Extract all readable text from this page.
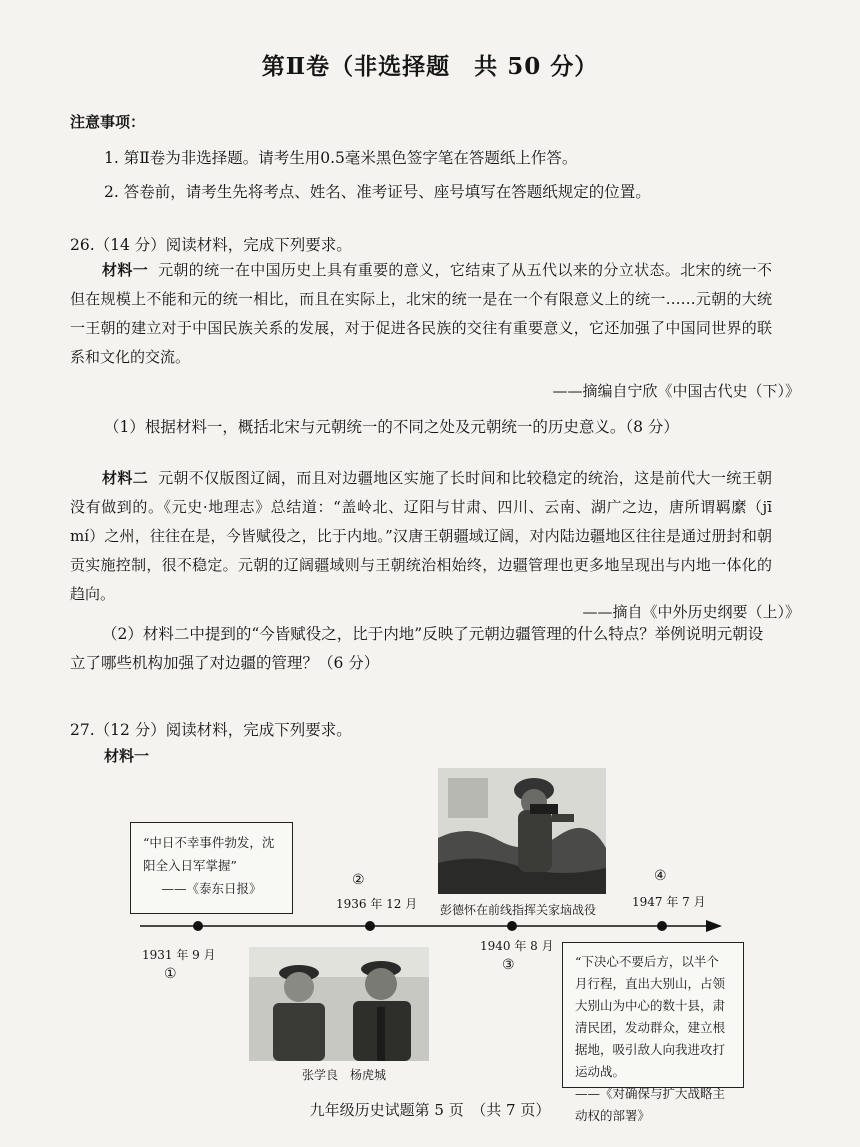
第Ⅱ卷（非选择题　共 50 分）
注意事项：
1. 第Ⅱ卷为非选择题。请考生用0.5毫米黑色签字笔在答题纸上作答。
2. 答卷前，请考生先将考点、姓名、准考证号、座号填写在答题纸规定的位置。
26.（14 分）阅读材料，完成下列要求。
材料一 元朝的统一在中国历史上具有重要的意义，它结束了从五代以来的分立状态。北宋的统一不但在规模上不能和元的统一相比，而且在实际上，北宋的统一是在一个有限意义上的统一……元朝的大统一王朝的建立对于中国民族关系的发展，对于促进各民族的交往有重要意义，它还加强了中国同世界的联系和文化的交流。
——摘编自宁欣《中国古代史（下）》
（1）根据材料一，概括北宋与元朝统一的不同之处及元朝统一的历史意义。（8 分）
材料二 元朝不仅版图辽阔，而且对边疆地区实施了长时间和比较稳定的统治，这是前代大一统王朝没有做到的。《元史·地理志》总结道：“盖岭北、辽阳与甘肃、四川、云南、湖广之边，唐所谓羁縻（jī mí）之州，往往在是，今皆赋役之，比于内地。”汉唐王朝疆域辽阔，对内陆边疆地区往往是通过册封和朝贡实施控制，很不稳定。元朝的辽阔疆域则与王朝统治相始终，边疆管理也更多地呈现出与内地一体化的趋向。
——摘自《中外历史纲要（上）》
（2）材料二中提到的“今皆赋役之，比于内地”反映了元朝边疆管理的什么特点？举例说明元朝设立了哪些机构加强了对边疆的管理？（6 分）
27.（12 分）阅读材料，完成下列要求。
材料一
“中日不幸事件勃发，沈阳全入日军掌握”
——《泰东日报》
1931 年 9 月
①
②
1936 年 12 月
1940 年 8 月
③
④
1947 年 7 月
彭德怀在前线指挥关家垴战役
张学良　杨虎城
“下决心不要后方，以半个月行程，直出大别山，占领大别山为中心的数十县，肃清民团，发动群众，建立根据地，吸引敌人向我进攻打运动战。
——《对确保与扩大战略主动权的部署》
九年级历史试题第 5 页　（共 7 页）
